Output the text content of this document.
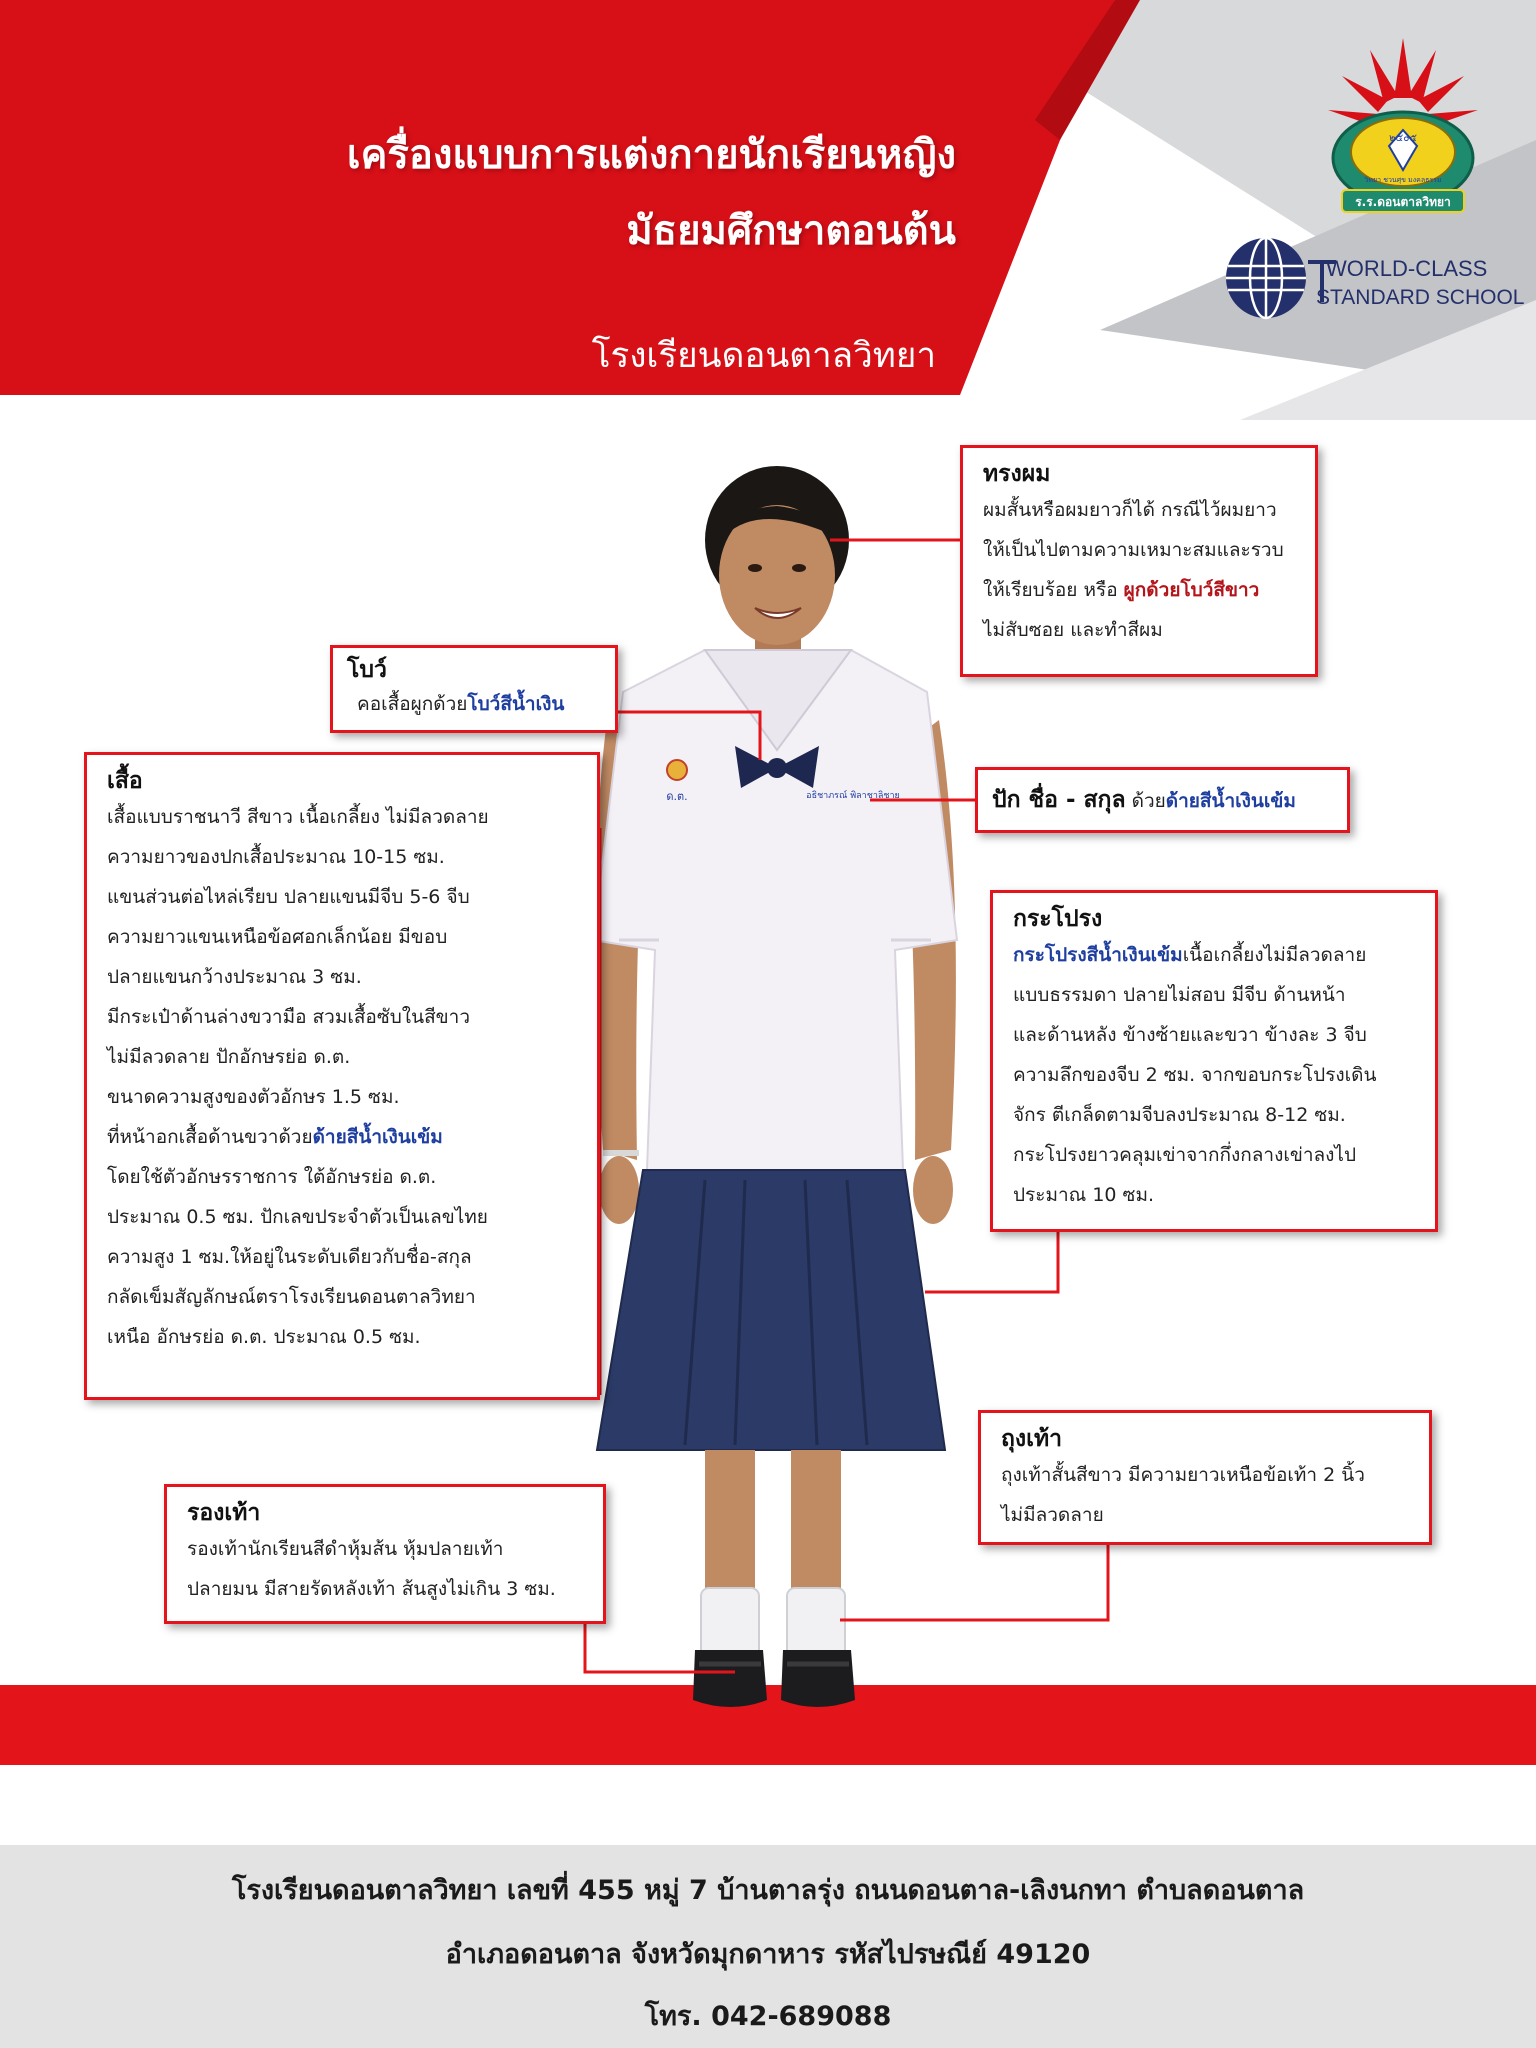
เครื่องแบบการแต่งกายนักเรียนหญิง
มัธยมศึกษาตอนต้น
โรงเรียนดอนตาลวิทยา
๒๕๐๕
วิทยา ชวนศุข มงคลธรรม
ร.ร.ดอนตาลวิทยา
WORLD-CLASS
STANDARD SCHOOL
ด.ต.	อธิชาภรณ์ พิลาชาลิชาย
ทรงผม
ผมสั้นหรือผมยาวก็ได้ กรณีไว้ผมยาว
ให้เป็นไปตามความเหมาะสมและรวบ
ให้เรียบร้อย หรือ ผูกด้วยโบว์สีขาว
ไม่สับซอย และทำสีผม
โบว์
คอเสื้อผูกด้วยโบว์สีน้ำเงิน
ปัก ชื่อ - สกุล ด้วยด้ายสีน้ำเงินเข้ม
เสื้อ
เสื้อแบบราชนาวี สีขาว เนื้อเกลี้ยง ไม่มีลวดลาย
ความยาวของปกเสื้อประมาณ 10-15 ซม.
แขนส่วนต่อไหล่เรียบ ปลายแขนมีจีบ 5-6 จีบ
ความยาวแขนเหนือข้อศอกเล็กน้อย มีขอบ
ปลายแขนกว้างประมาณ 3 ซม.
มีกระเป๋าด้านล่างขวามือ สวมเสื้อซับในสีขาว
ไม่มีลวดลาย ปักอักษรย่อ ด.ต.
ขนาดความสูงของตัวอักษร 1.5 ซม.
ที่หน้าอกเสื้อด้านขวาด้วยด้ายสีน้ำเงินเข้ม
โดยใช้ตัวอักษรราชการ ใต้อักษรย่อ ด.ต.
ประมาณ 0.5 ซม. ปักเลขประจำตัวเป็นเลขไทย
ความสูง 1 ซม.ให้อยู่ในระดับเดียวกับชื่อ-สกุล
กลัดเข็มสัญลักษณ์ตราโรงเรียนดอนตาลวิทยา
เหนือ อักษรย่อ ด.ต. ประมาณ 0.5 ซม.
กระโปรง
กระโปรงสีน้ำเงินเข้มเนื้อเกลี้ยงไม่มีลวดลาย
แบบธรรมดา ปลายไม่สอบ มีจีบ ด้านหน้า
และด้านหลัง ข้างซ้ายและขวา ข้างละ 3 จีบ
ความลึกของจีบ 2 ซม. จากขอบกระโปรงเดิน
จักร ตีเกล็ดตามจีบลงประมาณ 8-12 ซม.
กระโปรงยาวคลุมเข่าจากกึ่งกลางเข่าลงไป
ประมาณ 10 ซม.
ถุงเท้า
ถุงเท้าสั้นสีขาว มีความยาวเหนือข้อเท้า 2 นิ้ว
ไม่มีลวดลาย
รองเท้า
รองเท้านักเรียนสีดำหุ้มส้น หุ้มปลายเท้า
ปลายมน มีสายรัดหลังเท้า ส้นสูงไม่เกิน 3 ซม.
โรงเรียนดอนตาลวิทยา เลขที่ 455 หมู่ 7 บ้านตาลรุ่ง ถนนดอนตาล-เลิงนกทา ตำบลดอนตาล
อำเภอดอนตาล จังหวัดมุกดาหาร รหัสไปรษณีย์ 49120
โทร. 042-689088
